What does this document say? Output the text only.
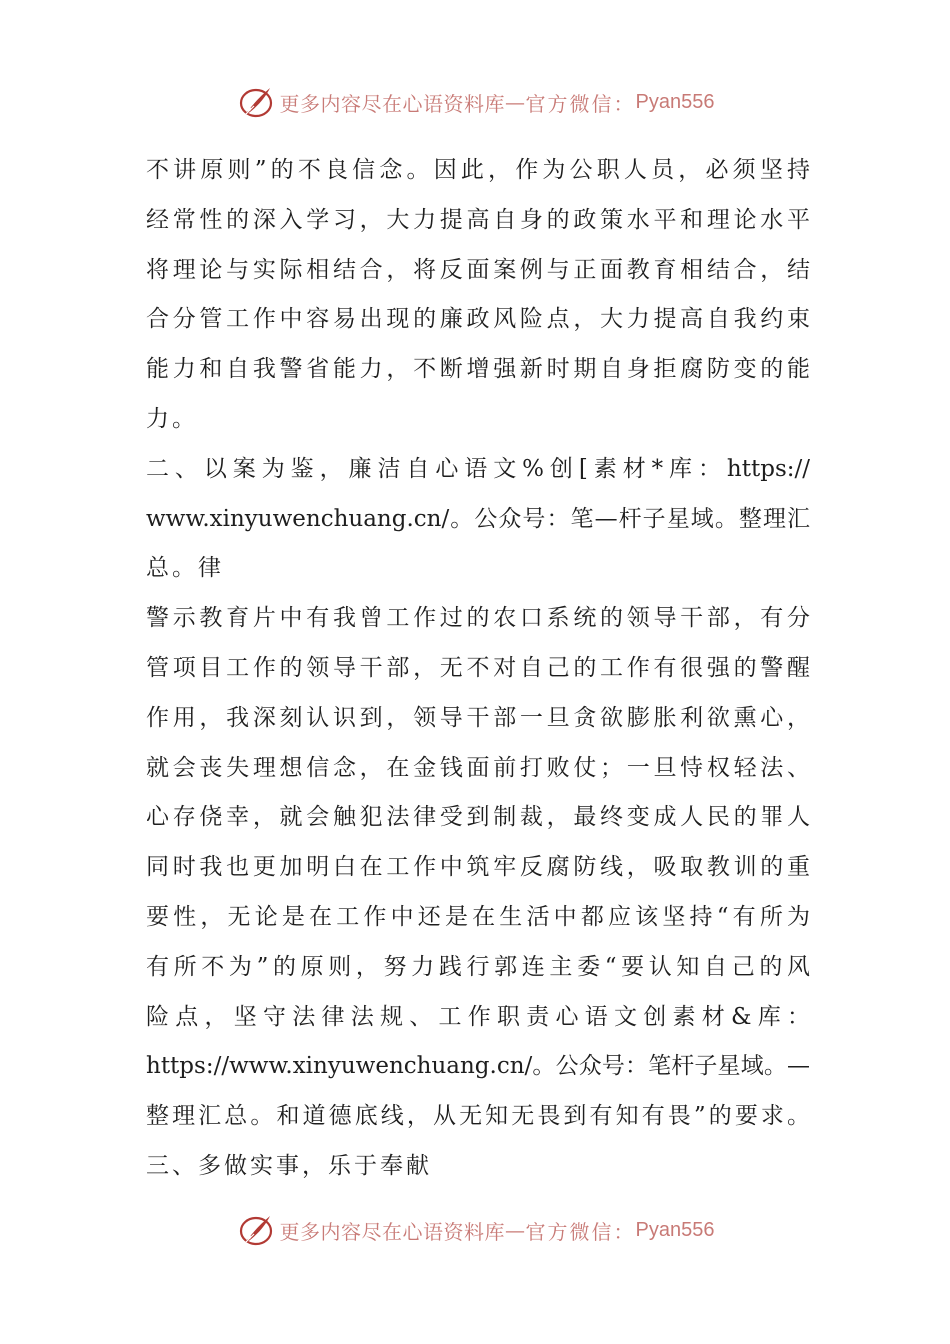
更多内容尽在心语资料库 — 官方微信： Pyan556
不讲原则”的不良信念。因此，作为公职人员，必须坚持
经常性的深入学习，大力提高自身的政策水平和理论水平
将理论与实际相结合，将反面案例与正面教育相结合，结
合分管工作中容易出现的廉政风险点，大力提高自我约束
能力和自我警省能力，不断增强新时期自身拒腐防变的能
力。
二、以案为鉴，廉洁自心语文%创[素材*库：https://
www.xinyuwenchuang.cn/。公众号：笔—杆子星域。整理汇
总。律
警示教育片中有我曾工作过的农口系统的领导干部，有分
管项目工作的领导干部，无不对自己的工作有很强的警醒
作用，我深刻认识到，领导干部一旦贪欲膨胀利欲熏心，
就会丧失理想信念，在金钱面前打败仗；一旦恃权轻法、
心存侥幸，就会触犯法律受到制裁，最终变成人民的罪人
同时我也更加明白在工作中筑牢反腐防线，吸取教训的重
要性，无论是在工作中还是在生活中都应该坚持“有所为
有所不为”的原则，努力践行郭连主委“要认知自己的风
险点，坚守法律法规、工作职责心语文创素材&库：
https://www.xinyuwenchuang.cn/。公众号：笔杆子星域。—
整理汇总。和道德底线，从无知无畏到有知有畏”的要求。
三、多做实事，乐于奉献
更多内容尽在心语资料库 — 官方微信： Pyan556
